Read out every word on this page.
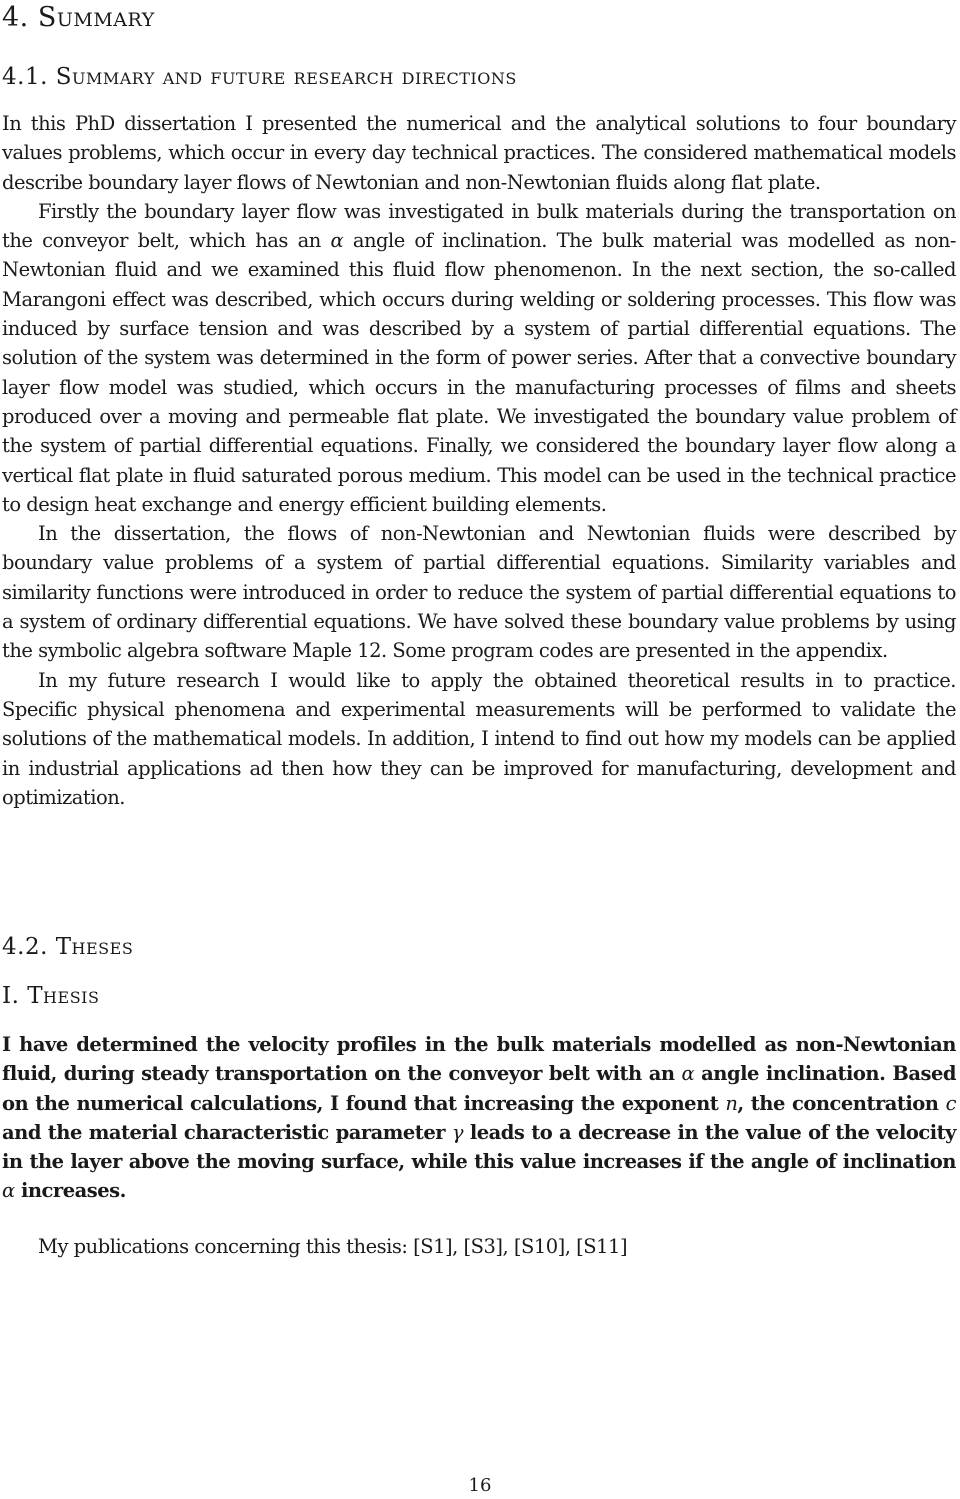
4. Summary
4.1. Summary and future research directions

In this PhD dissertation I presented the numerical and the analytical solutions to four boundary values problems, which occur in every day technical practices. The considered mathematical models describe boundary layer flows of Newtonian and non-Newtonian fluids along flat plate.

Firstly the boundary layer flow was investigated in bulk materials during the transportation on the conveyor belt, which has an α angle of inclination. The bulk material was modelled as non-Newtonian fluid and we examined this fluid flow phenomenon. In the next section, the so-called Marangoni effect was described, which occurs during welding or soldering processes. This flow was induced by surface tension and was described by a system of partial differential equations. The solution of the system was determined in the form of power series. After that a convective boundary layer flow model was studied, which occurs in the manufacturing processes of films and sheets produced over a moving and permeable flat plate. We investigated the boundary value problem of the system of partial differential equations. Finally, we considered the boundary layer flow along a vertical flat plate in fluid saturated porous medium. This model can be used in the technical practice to design heat exchange and energy efficient building elements.

In the dissertation, the flows of non-Newtonian and Newtonian fluids were described by boundary value problems of a system of partial differential equations. Similarity variables and similarity functions were introduced in order to reduce the system of partial differential equations to a system of ordinary differential equations. We have solved these boundary value problems by using the symbolic algebra software Maple 12. Some program codes are presented in the appendix.

In my future research I would like to apply the obtained theoretical results in to practice. Specific physical phenomena and experimental measurements will be performed to validate the solutions of the mathematical models. In addition, I intend to find out how my models can be applied in industrial applications ad then how they can be improved for manufacturing, development and optimization.

4.2. Theses
I. Thesis

I have determined the velocity profiles in the bulk materials modelled as non-Newtonian fluid, during steady transportation on the conveyor belt with an α angle inclination. Based on the numerical calculations, I found that increasing the exponent n, the concentration c and the material characteristic parameter γ leads to a decrease in the value of the velocity in the layer above the moving surface, while this value increases if the angle of inclination α increases.

My publications concerning this thesis: [S1], [S3], [S10], [S11]
16
